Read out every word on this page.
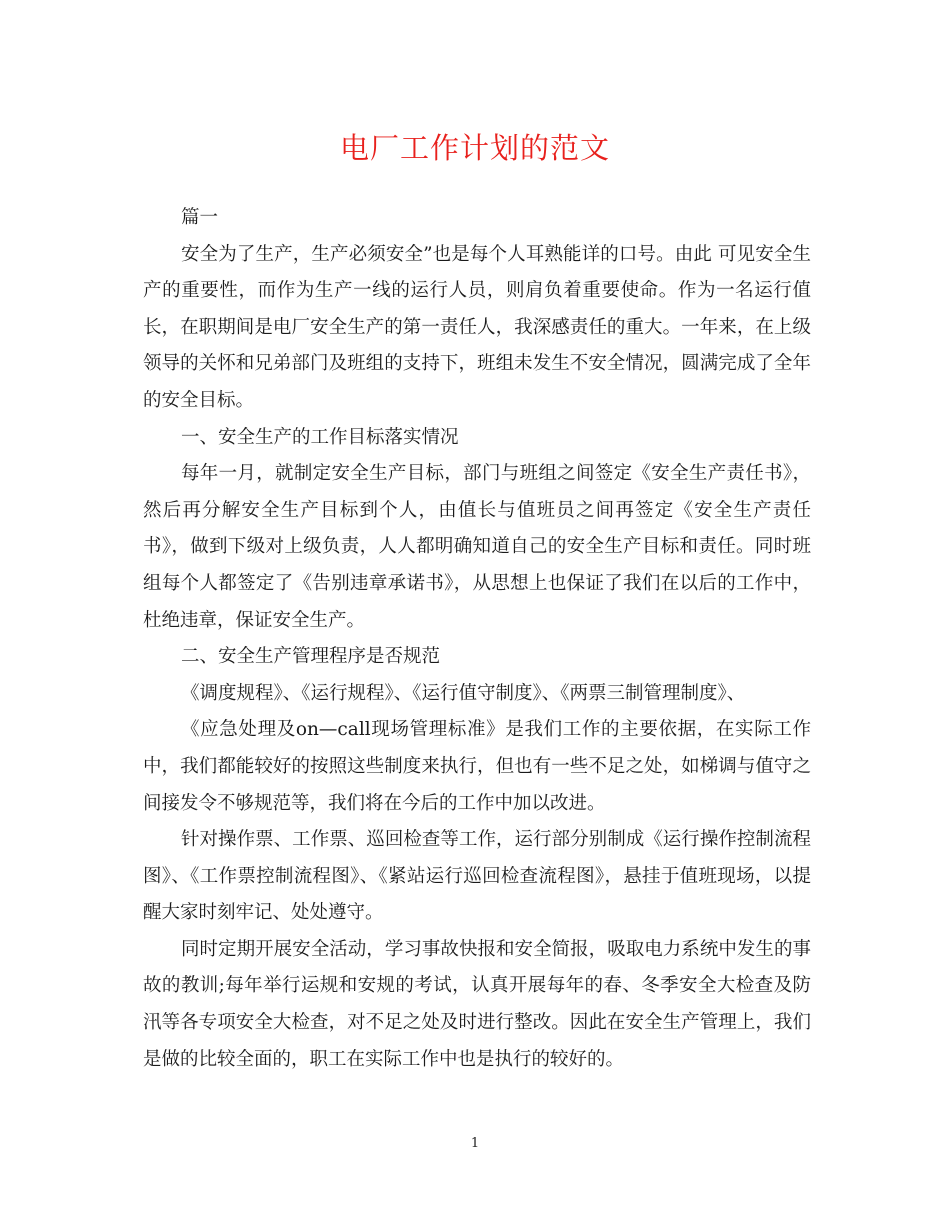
电厂工作计划的范文

篇一

安全为了生产，生产必须安全”也是每个人耳熟能详的口号。由此 可见安全生产的重要性，而作为生产一线的运行人员，则肩负着重要使命。作为一名运行值长，在职期间是电厂安全生产的第一责任人，我深感责任的重大。一年来，在上级领导的关怀和兄弟部门及班组的支持下，班组未发生不安全情况，圆满完成了全年的安全目标。

一、安全生产的工作目标落实情况

每年一月，就制定安全生产目标，部门与班组之间签定《安全生产责任书》，然后再分解安全生产目标到个人，由值长与值班员之间再签定《安全生产责任书》，做到下级对上级负责，人人都明确知道自己的安全生产目标和责任。同时班组每个人都签定了《告别违章承诺书》，从思想上也保证了我们在以后的工作中，杜绝违章，保证安全生产。

二、安全生产管理程序是否规范

《调度规程》、《运行规程》、《运行值守制度》、《两票三制管理制度》、

《应急处理及on—call现场管理标准》是我们工作的主要依据，在实际工作中，我们都能较好的按照这些制度来执行，但也有一些不足之处，如梯调与值守之间接发令不够规范等，我们将在今后的工作中加以改进。

针对操作票、工作票、巡回检查等工作，运行部分别制成《运行操作控制流程图》、《工作票控制流程图》、《紧站运行巡回检查流程图》，悬挂于值班现场，以提醒大家时刻牢记、处处遵守。

同时定期开展安全活动，学习事故快报和安全简报，吸取电力系统中发生的事故的教训;每年举行运规和安规的考试，认真开展每年的春、冬季安全大检查及防汛等各专项安全大检查，对不足之处及时进行整改。因此在安全生产管理上，我们是做的比较全面的，职工在实际工作中也是执行的较好的。

1
